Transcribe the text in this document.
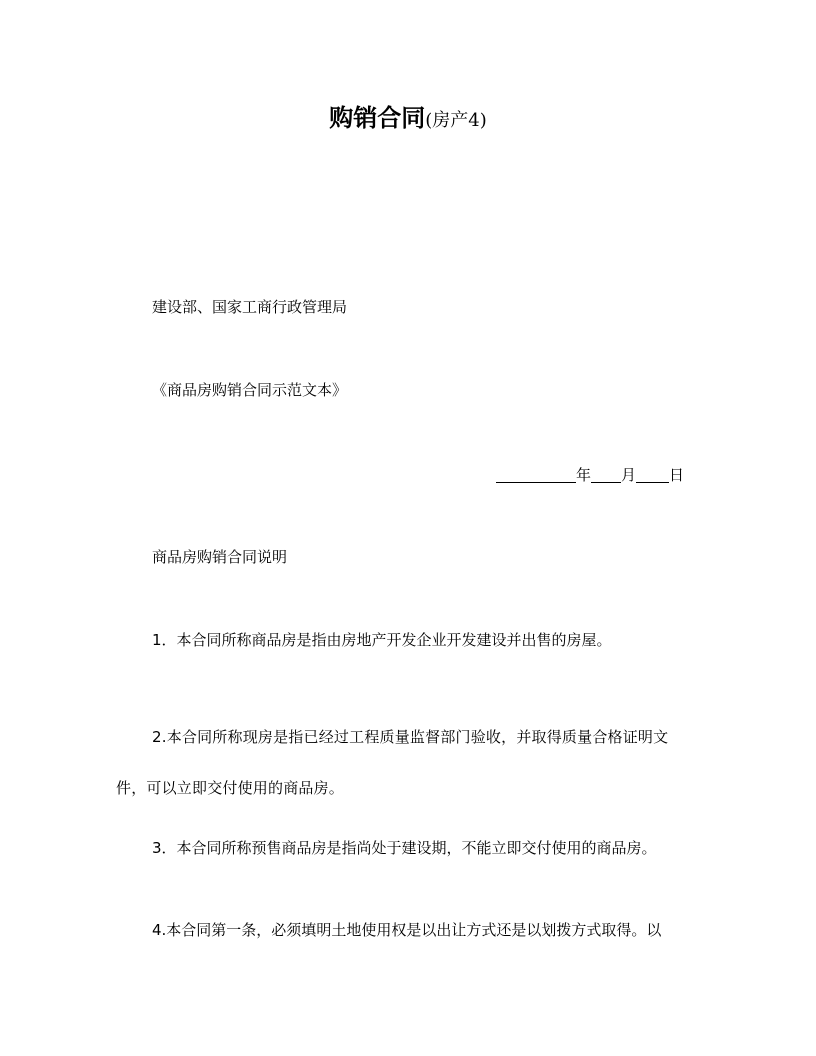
购销合同(房产4)
建设部、国家工商行政管理局
《商品房购销合同示范文本》
年 月 日
商品房购销合同说明
1．本合同所称商品房是指由房地产开发企业开发建设并出售的房屋。
2.本合同所称现房是指已经过工程质量监督部门验收，并取得质量合格证明文件，可以立即交付使用的商品房。
3．本合同所称预售商品房是指尚处于建设期，不能立即交付使用的商品房。
4.本合同第一条，必须填明土地使用权是以出让方式还是以划拨方式取得。以
